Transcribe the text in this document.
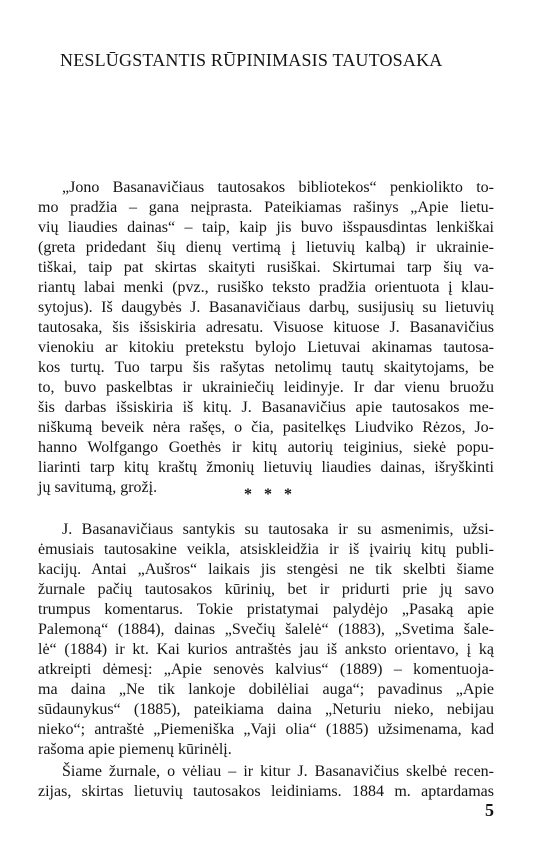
NESLŪGSTANTIS RŪPINIMASIS TAUTOSAKA
„Jono Basanavičiaus tautosakos bibliotekos“ penkiolikto to-
mo pradžia – gana neįprasta. Pateikiamas rašinys „Apie lietu-
vių liaudies dainas“ – taip, kaip jis buvo išspausdintas lenkiškai
(greta pridedant šių dienų vertimą į lietuvių kalbą) ir ukrainie-
tiškai, taip pat skirtas skaityti rusiškai. Skirtumai tarp šių va-
riantų labai menki (pvz., rusiško teksto pradžia orientuota į klau-
sytojus). Iš daugybės J. Basanavičiaus darbų, susijusių su lietuvių
tautosaka, šis išsiskiria adresatu. Visuose kituose J. Basanavičius
vienokiu ar kitokiu pretekstu bylojo Lietuvai akinamas tautosa-
kos turtų. Tuo tarpu šis rašytas netolimų tautų skaitytojams, be
to, buvo paskelbtas ir ukrainiečių leidinyje. Ir dar vienu bruožu
šis darbas išsiskiria iš kitų. J. Basanavičius apie tautosakos me-
niškumą beveik nėra rašęs, o čia, pasitelkęs Liudviko Rėzos, Jo-
hanno Wolfgango Goethės ir kitų autorių teiginius, siekė popu-
liarinti tarp kitų kraštų žmonių lietuvių liaudies dainas, išryškinti
jų savitumą, grožį.	* * *
J. Basanavičiaus santykis su tautosaka ir su asmenimis, užsi-
ėmusiais tautosakine veikla, atsiskleidžia ir iš įvairių kitų publi-
kacijų. Antai „Aušros“ laikais jis stengėsi ne tik skelbti šiame
žurnale pačių tautosakos kūrinių, bet ir pridurti prie jų savo
trumpus komentarus. Tokie pristatymai palydėjo „Pasaką apie
Palemoną“ (1884), dainas „Svečių šalelė“ (1883), „Svetima šale-
lė“ (1884) ir kt. Kai kurios antraštės jau iš anksto orientavo, į ką
atkreipti dėmesį: „Apie senovės kalvius“ (1889) – komentuoja-
ma daina „Ne tik lankoje dobilėliai auga“; pavadinus „Apie
sūdaunykus“ (1885), pateikiama daina „Neturiu nieko, nebijau
nieko“; antraštė „Piemeniška „Vaji olia“ (1885) užsimenama, kad
rašoma apie piemenų kūrinėlį.
Šiame žurnale, o vėliau – ir kitur J. Basanavičius skelbė recen-
zijas, skirtas lietuvių tautosakos leidiniams. 1884 m. aptardamas
5
